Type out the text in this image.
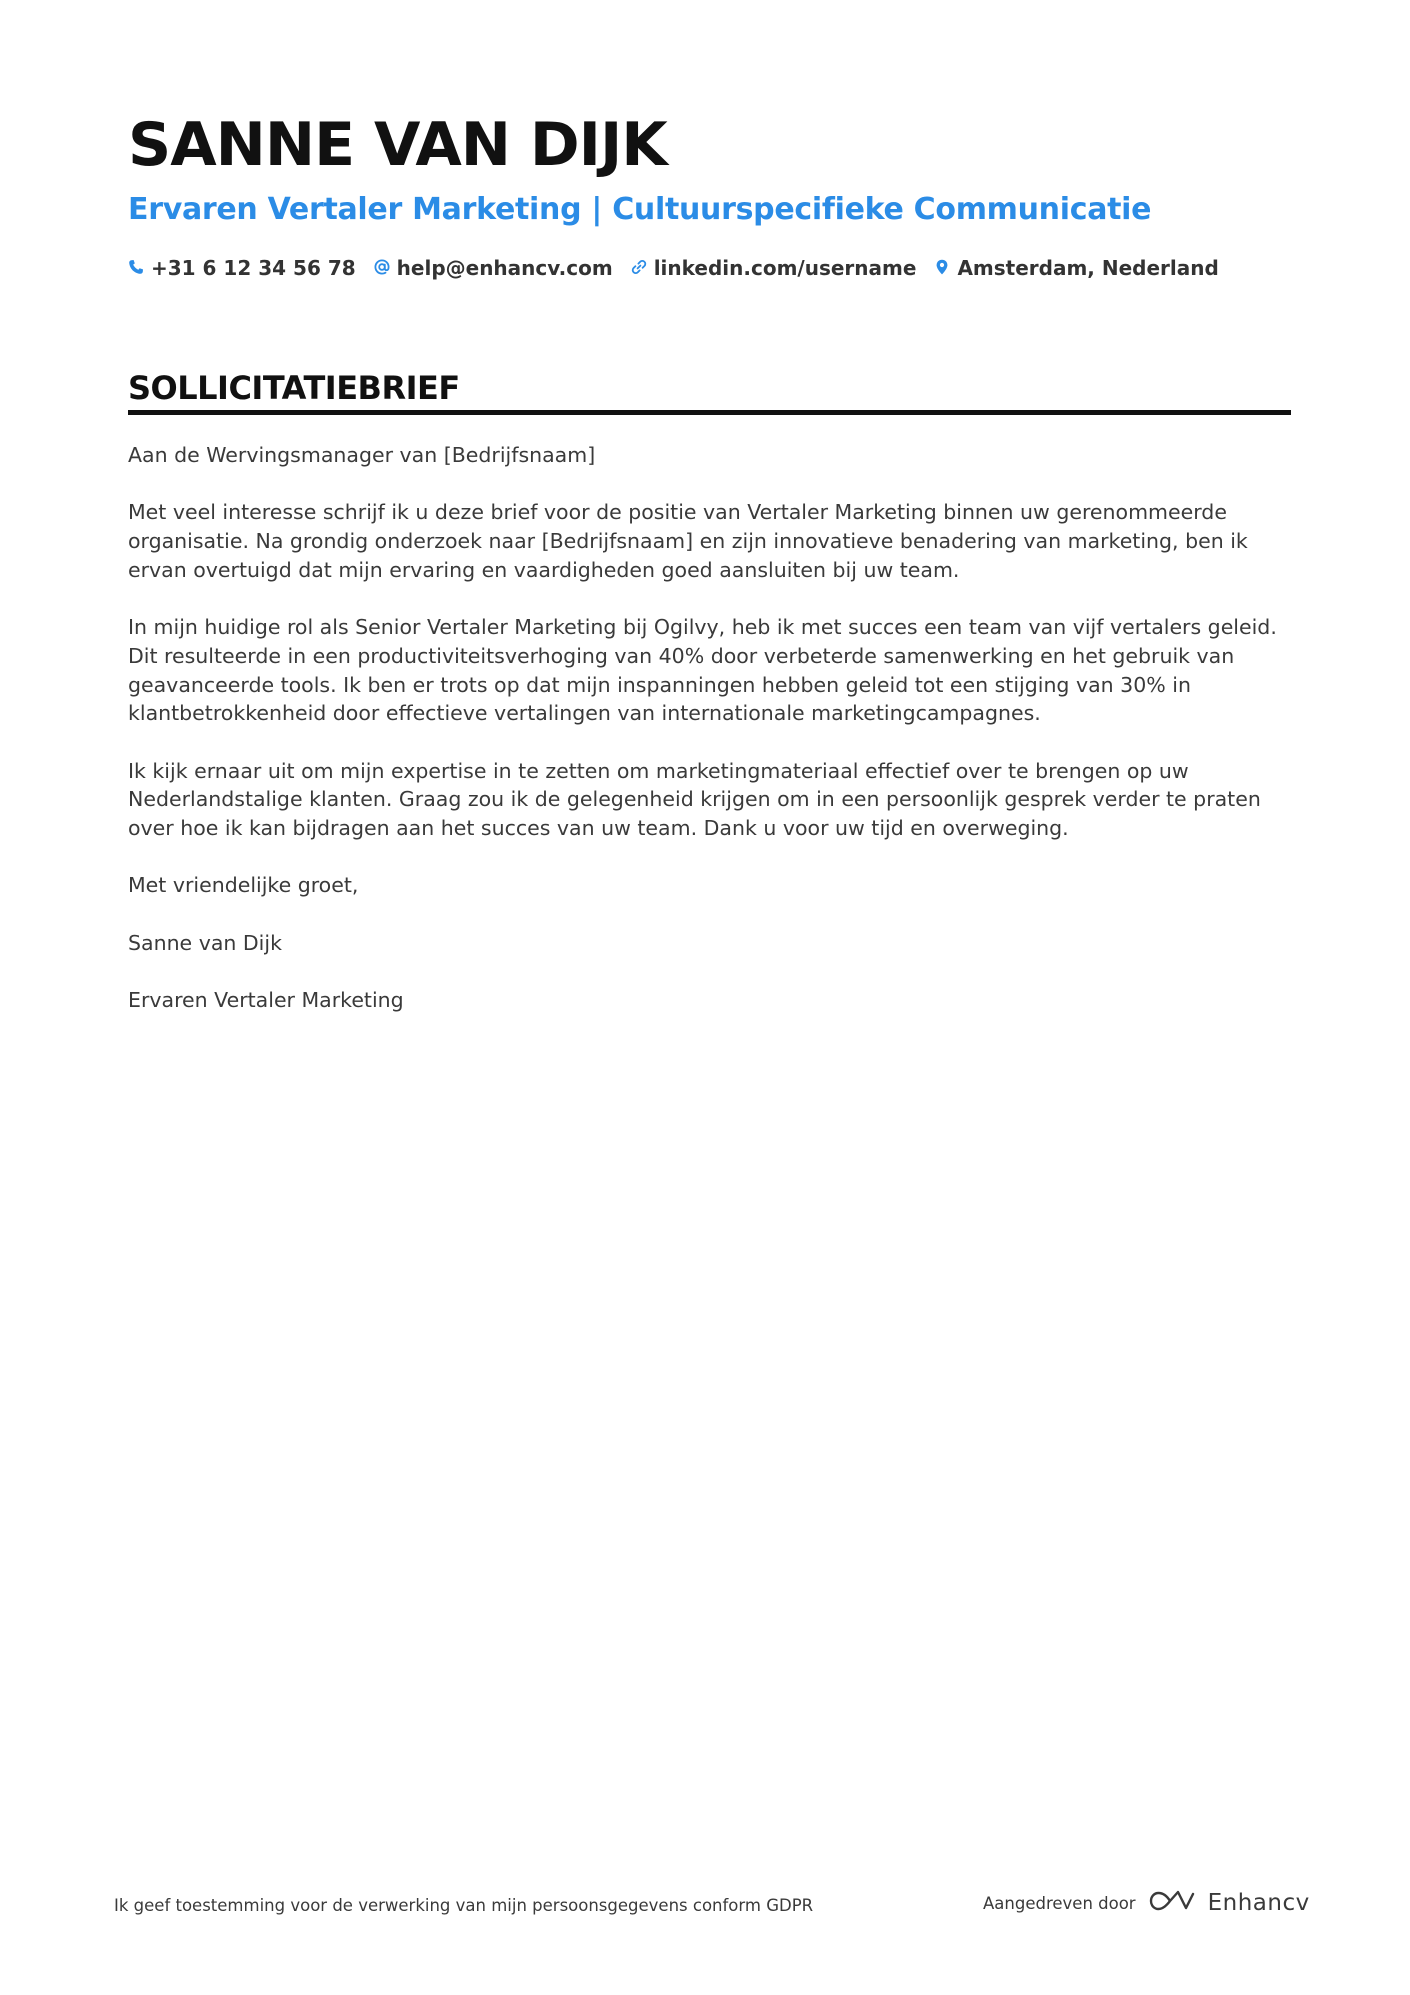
SANNE VAN DIJK
Ervaren Vertaler Marketing | Cultuurspecifieke Communicatie
+31 6 12 34 56 78 help@enhancv.com linkedin.com/username Amsterdam, Nederland
SOLLICITATIEBRIEF

Aan de Wervingsmanager van [Bedrijfsnaam]

Met veel interesse schrijf ik u deze brief voor de positie van Vertaler Marketing binnen uw gerenommeerde organisatie. Na grondig onderzoek naar [Bedrijfsnaam] en zijn innovatieve benadering van marketing, ben ik ervan overtuigd dat mijn ervaring en vaardigheden goed aansluiten bij uw team.

In mijn huidige rol als Senior Vertaler Marketing bij Ogilvy, heb ik met succes een team van vijf vertalers geleid. Dit resulteerde in een productiviteitsverhoging van 40% door verbeterde samenwerking en het gebruik van geavanceerde tools. Ik ben er trots op dat mijn inspanningen hebben geleid tot een stijging van 30% in klantbetrokkenheid door effectieve vertalingen van internationale marketingcampagnes.

Ik kijk ernaar uit om mijn expertise in te zetten om marketingmateriaal effectief over te brengen op uw Nederlandstalige klanten. Graag zou ik de gelegenheid krijgen om in een persoonlijk gesprek verder te praten over hoe ik kan bijdragen aan het succes van uw team. Dank u voor uw tijd en overweging.

Met vriendelijke groet,

Sanne van Dijk

Ervaren Vertaler Marketing

Ik geef toestemming voor de verwerking van mijn persoonsgegevens conform GDPR	Aangedreven door	Enhancv
